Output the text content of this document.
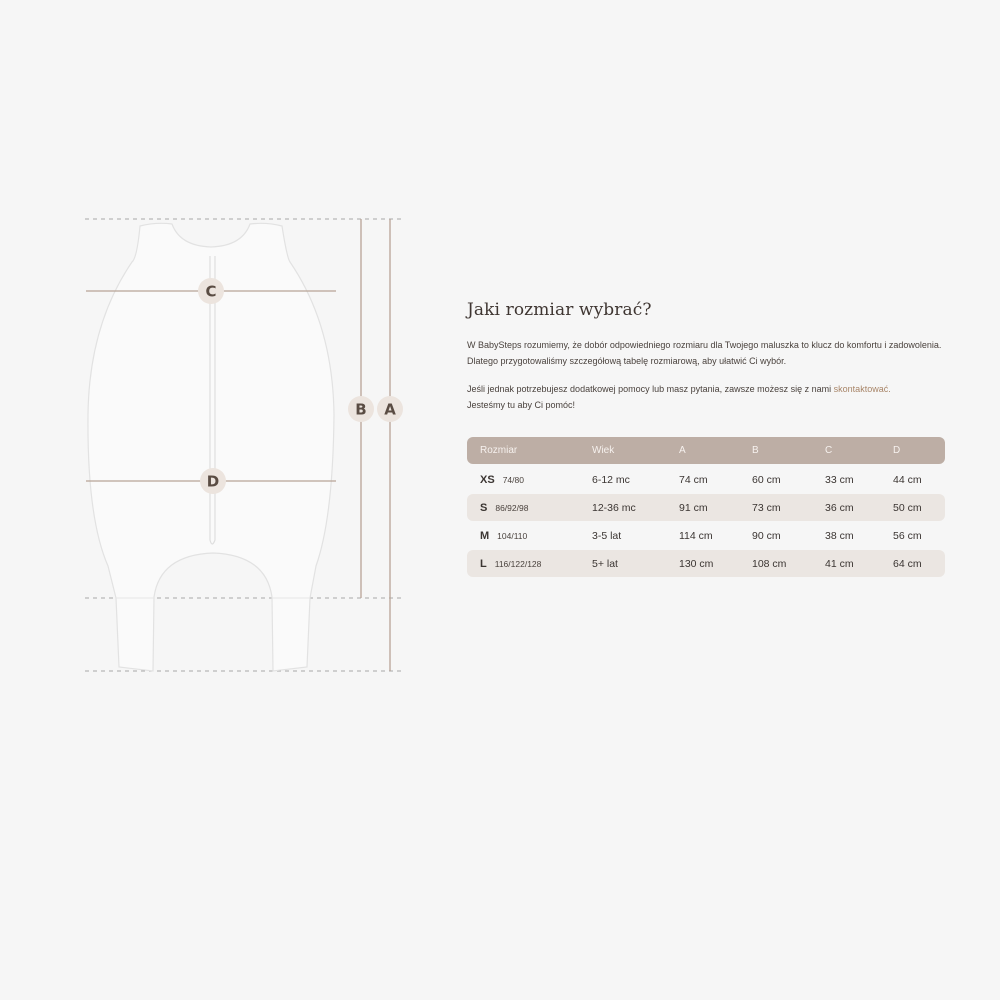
C
D
B A
Jaki rozmiar wybrać?

W BabySteps rozumiemy, że dobór odpowiedniego rozmiaru dla Twojego maluszka to klucz do komfortu i zadowolenia.
Dlatego przygotowaliśmy szczegółową tabelę rozmiarową, aby ułatwić Ci wybór.

Jeśli jednak potrzebujesz dodatkowej pomocy lub masz pytania, zawsze możesz się z nami skontaktować.
Jesteśmy tu aby Ci pomóc!

Rozmiar	Wiek	A	B	C	D
XS 74/80	6-12 mc	74 cm	60 cm	33 cm	44 cm
S 86/92/98	12-36 mc	91 cm	73 cm	36 cm	50 cm
M 104/110	3-5 lat	114 cm	90 cm	38 cm	56 cm
L 116/122/128	5+ lat	130 cm	108 cm	41 cm	64 cm
